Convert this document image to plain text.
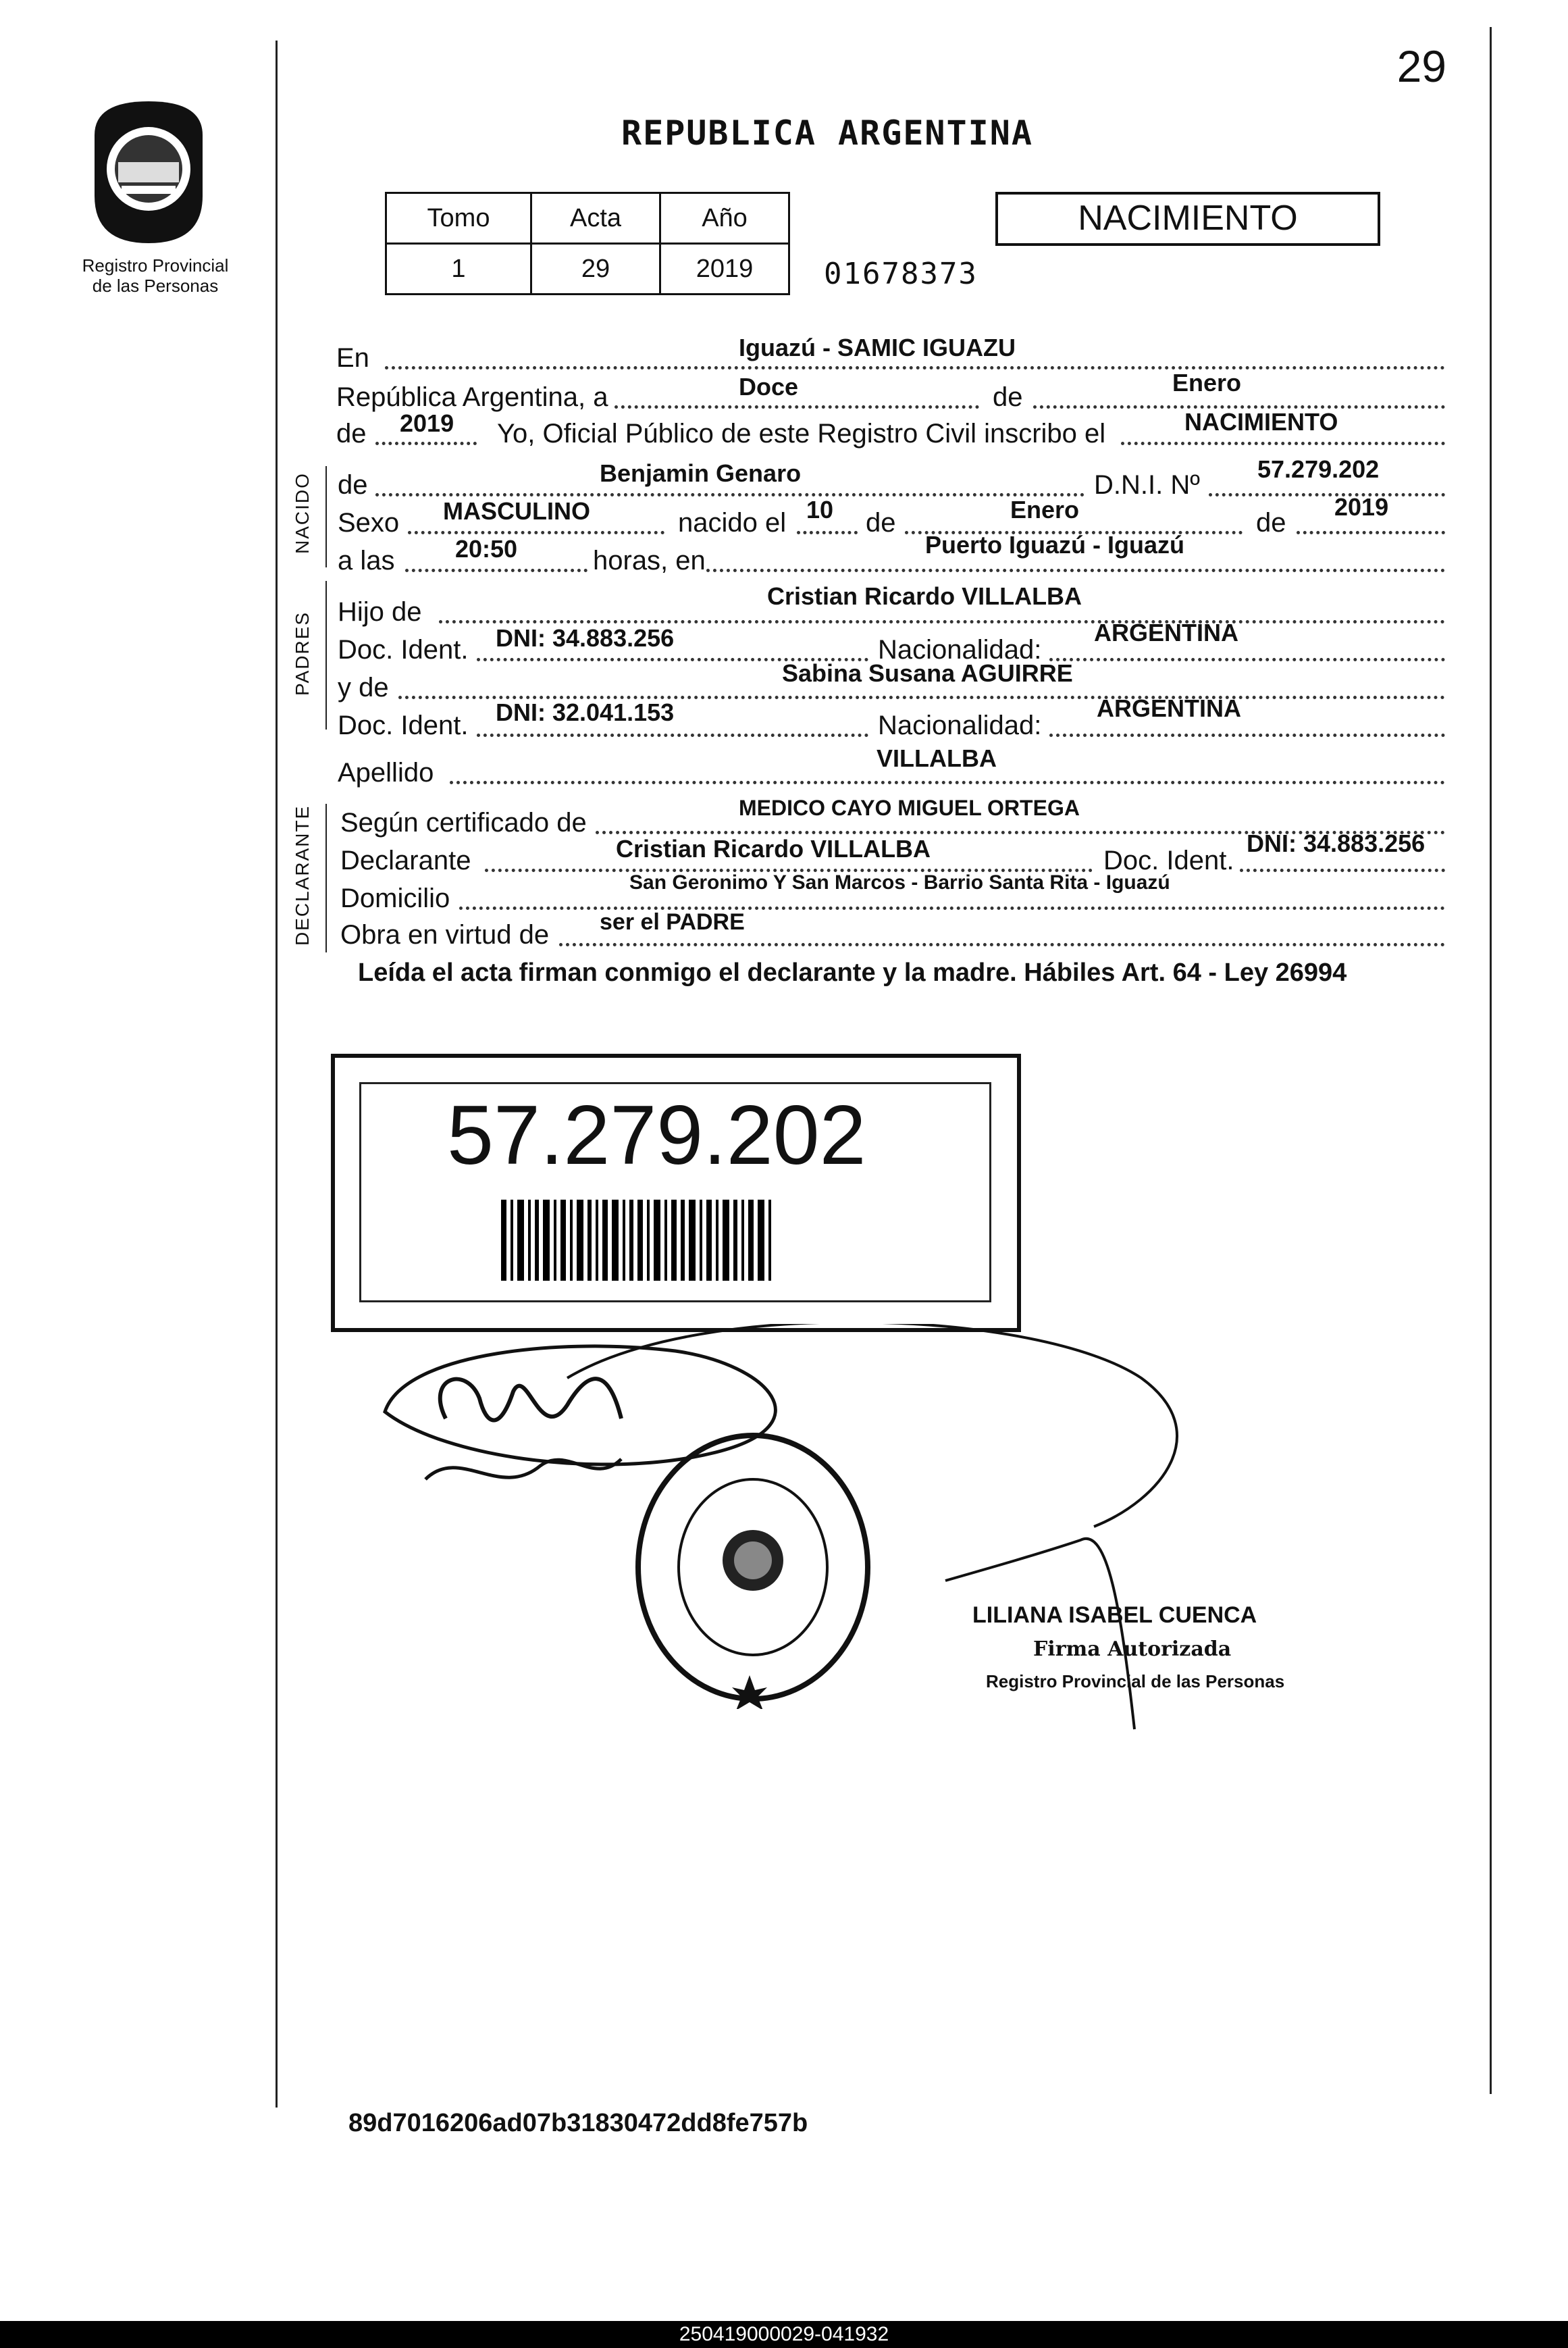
29
Registro Provincial
de las Personas
REPUBLICA ARGENTINA
Tomo	Acta	Año
1	29	2019 01678373
NACIMIENTO
NACIDO
PADRES
DECLARANTE
En	Iguazú - SAMIC IGUAZU
República Argentina, a	Doce	de	Enero
de 2019 Yo, Oficial Público de este Registro Civil inscribo el	NACIMIENTO
de	Benjamin Genaro	D.N.I. Nº
57.279.202
Sexo MASCULINO	nacido el 10 de	Enero	de
2019
a las 20:50	horas, en
Puerto Iguazú - Iguazú
Hijo de
Cristian Ricardo VILLALBA
Doc. Ident. DNI: 34.883.256	Nacionalidad:
ARGENTINA
y de	Sabina Susana AGUIRRE
Doc. Ident. DNI: 32.041.153	Nacionalidad:
ARGENTINA
Apellido	VILLALBA
Según certificado de	MEDICO CAYO MIGUEL ORTEGA
Declarante	Cristian Ricardo VILLALBA	Doc. Ident.
DNI: 34.883.256
Domicilio
San Geronimo Y San Marcos - Barrio Santa Rita - Iguazú
Obra en virtud de ser el PADRE
Leída el acta firman conmigo el declarante y la madre. Hábiles Art. 64 - Ley 26994
57.279.202
LILIANA ISABEL CUENCA
Firma Autorizada
Registro Provincial de las Personas
89d7016206ad07b31830472dd8fe757b
250419000029-041932
